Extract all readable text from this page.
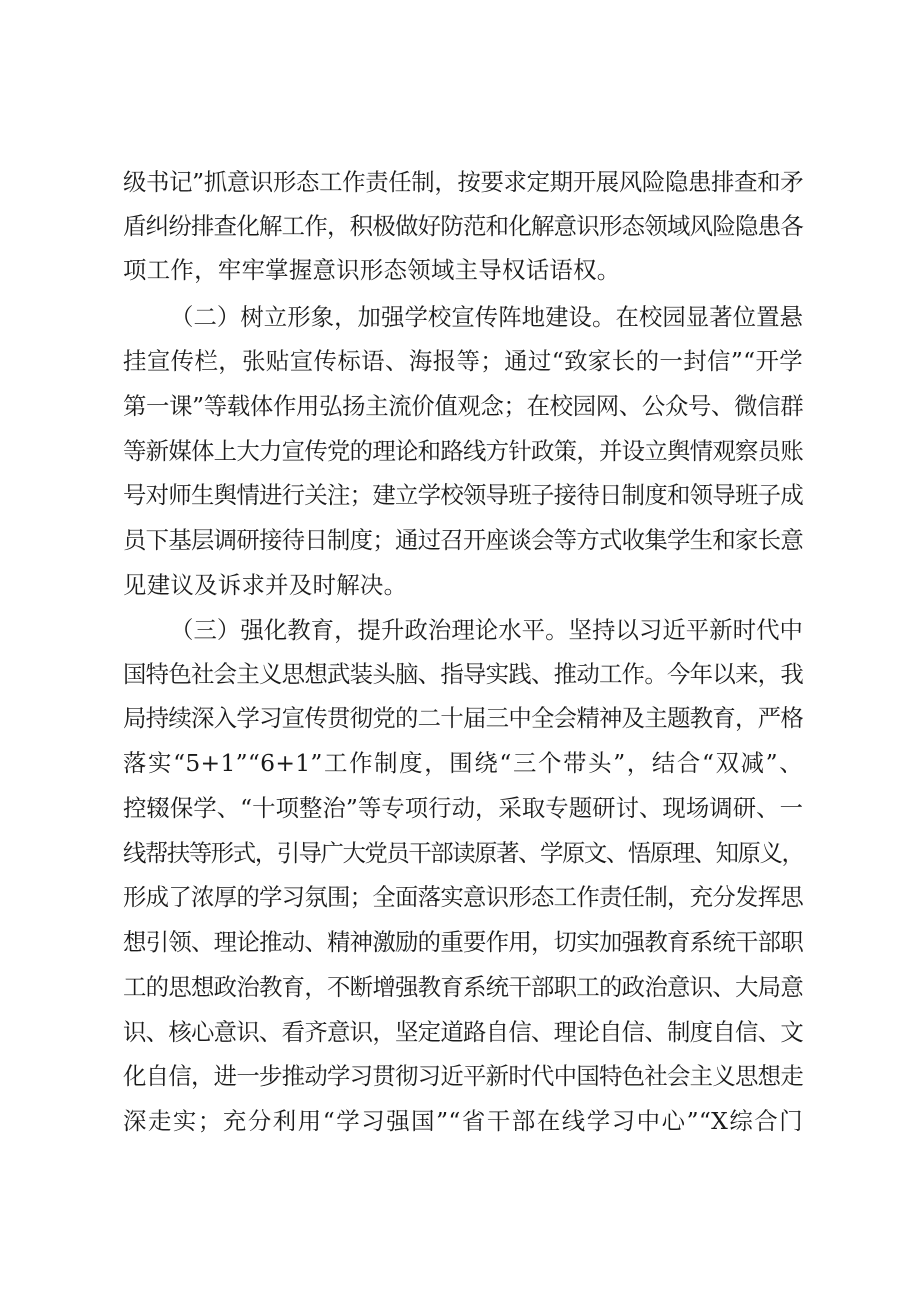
级书记”抓意识形态工作责任制，按要求定期开展风险隐患排查和矛
盾纠纷排查化解工作，积极做好防范和化解意识形态领域风险隐患各
项工作，牢牢掌握意识形态领域主导权话语权。
（二）树立形象，加强学校宣传阵地建设。在校园显著位置悬
挂宣传栏，张贴宣传标语、海报等；通过“致家长的一封信”“开学
第一课”等载体作用弘扬主流价值观念；在校园网、公众号、微信群
等新媒体上大力宣传党的理论和路线方针政策，并设立舆情观察员账
号对师生舆情进行关注；建立学校领导班子接待日制度和领导班子成
员下基层调研接待日制度；通过召开座谈会等方式收集学生和家长意
见建议及诉求并及时解决。
（三）强化教育，提升政治理论水平。坚持以习近平新时代中
国特色社会主义思想武装头脑、指导实践、推动工作。今年以来，我
局持续深入学习宣传贯彻党的二十届三中全会精神及主题教育，严格
落实“5+1”“6+1”工作制度，围绕“三个带头”，结合“双减”、
控辍保学、“十项整治”等专项行动，采取专题研讨、现场调研、一
线帮扶等形式，引导广大党员干部读原著、学原文、悟原理、知原义，
形成了浓厚的学习氛围；全面落实意识形态工作责任制，充分发挥思
想引领、理论推动、精神激励的重要作用，切实加强教育系统干部职
工的思想政治教育，不断增强教育系统干部职工的政治意识、大局意
识、核心意识、看齐意识，坚定道路自信、理论自信、制度自信、文
化自信，进一步推动学习贯彻习近平新时代中国特色社会主义思想走
深走实；充分利用“学习强国”“省干部在线学习中心”“X综合门
